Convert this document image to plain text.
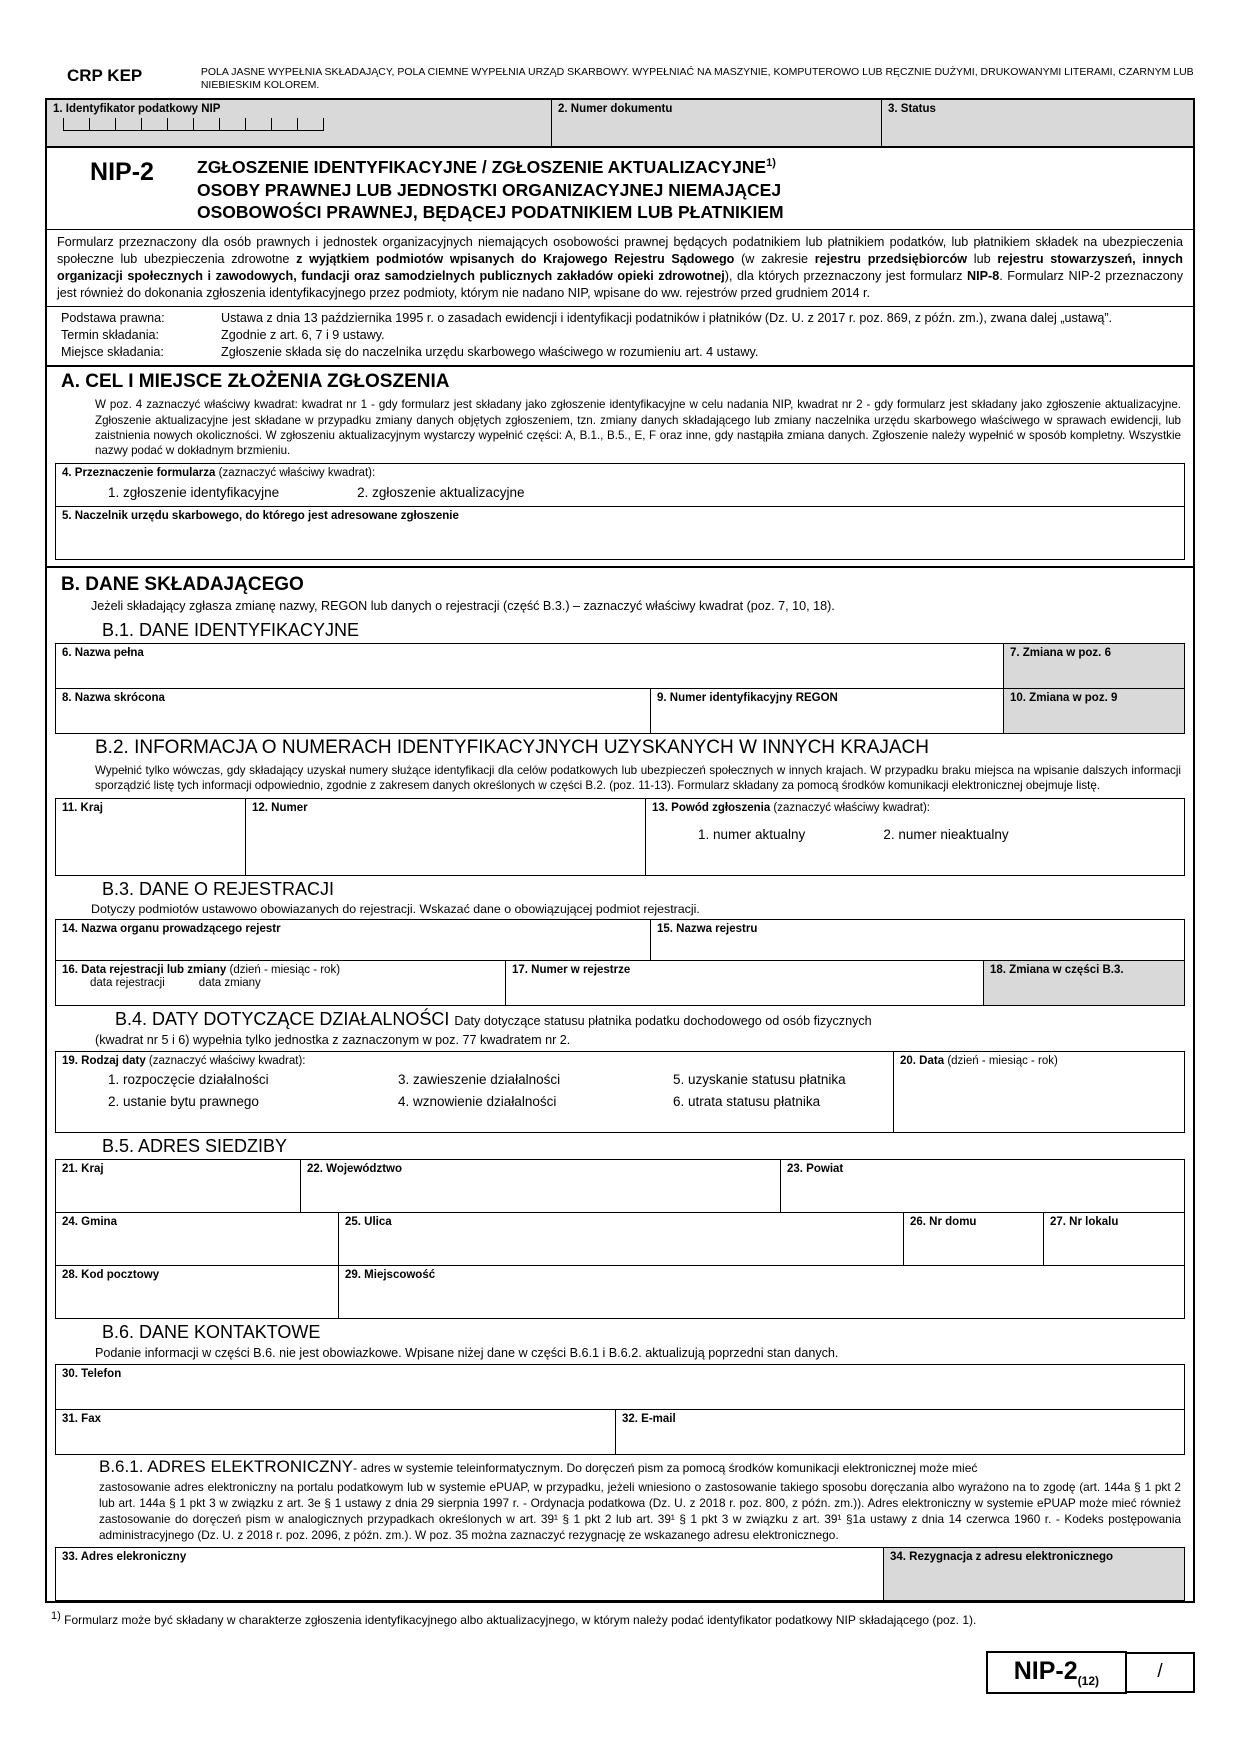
CRP KEP	POLA JASNE WYPEŁNIA SKŁADAJĄCY, POLA CIEMNE WYPEŁNIA URZĄD SKARBOWY. WYPEŁNIAĆ NA MASZYNIE, KOMPUTEROWO LUB RĘCZNIE DUŻYMI, DRUKOWANYMI LITERAMI, CZARNYM LUB NIEBIESKIM KOLOREM.
1. Identyfikator podatkowy NIP	2. Numer dokumentu	3. Status
NIP-2	ZGŁOSZENIE IDENTYFIKACYJNE / ZGŁOSZENIE AKTUALIZACYJNE$^{1)}$
OSOBY PRAWNEJ LUB JEDNOSTKI ORGANIZACYJNEJ NIEMAJĄCEJ
OSOBOWOŚCI PRAWNEJ, BĘDĄCEJ PODATNIKIEM LUB PŁATNIKIEM
Formularz przeznaczony dla osób prawnych i jednostek organizacyjnych niemających osobowości prawnej będących podatnikiem lub płatnikiem podatków, lub płatnikiem składek na ubezpieczenia społeczne lub ubezpieczenia zdrowotne z wyjątkiem podmiotów wpisanych do Krajowego Rejestru Sądowego (w zakresie rejestru przedsiębiorców lub rejestru stowarzyszeń, innych organizacji społecznych i zawodowych, fundacji oraz samodzielnych publicznych zakładów opieki zdrowotnej), dla których przeznaczony jest formularz NIP-8. Formularz NIP-2 przeznaczony jest również do dokonania zgłoszenia identyfikacyjnego przez podmioty, którym nie nadano NIP, wpisane do ww. rejestrów przed grudniem 2014 r.
Podstawa prawna:	Ustawa z dnia 13 października 1995 r. o zasadach ewidencji i identyfikacji podatników i płatników (Dz. U. z 2017 r. poz. 869, z późn. zm.), zwana dalej „ustawą”.
Termin składania:	Zgodnie z art. 6, 7 i 9 ustawy.
Miejsce składania:	Zgłoszenie składa się do naczelnika urzędu skarbowego właściwego w rozumieniu art. 4 ustawy.
A. CEL I MIEJSCE ZŁOŻENIA ZGŁOSZENIA
W poz. 4 zaznaczyć właściwy kwadrat: kwadrat nr 1 - gdy formularz jest składany jako zgłoszenie identyfikacyjne w celu nadania NIP, kwadrat nr 2 - gdy formularz jest składany jako zgłoszenie aktualizacyjne. Zgłoszenie aktualizacyjne jest składane w przypadku zmiany danych objętych zgłoszeniem, tzn. zmiany danych składającego lub zmiany naczelnika urzędu skarbowego właściwego w sprawach ewidencji, lub zaistnienia nowych okoliczności. W zgłoszeniu aktualizacyjnym wystarczy wypełnić części: A, B.1., B.5., E, F oraz inne, gdy nastąpiła zmiana danych. Zgłoszenie należy wypełnić w sposób kompletny. Wszystkie nazwy podać w dokładnym brzmieniu.
4. Przeznaczenie formularza (zaznaczyć właściwy kwadrat):
1. zgłoszenie identyfikacyjne	2. zgłoszenie aktualizacyjne
5. Naczelnik urzędu skarbowego, do którego jest adresowane zgłoszenie
B. DANE SKŁADAJĄCEGO
Jeżeli składający zgłasza zmianę nazwy, REGON lub danych o rejestracji (część B.3.) – zaznaczyć właściwy kwadrat (poz. 7, 10, 18).
B.1. DANE IDENTYFIKACYJNE
6. Nazwa pełna	7. Zmiana w poz. 6
8. Nazwa skrócona	9. Numer identyfikacyjny REGON	10. Zmiana w poz. 9
B.2. INFORMACJA O NUMERACH IDENTYFIKACYJNYCH UZYSKANYCH W INNYCH KRAJACH
Wypełnić tylko wówczas, gdy składający uzyskał numery służące identyfikacji dla celów podatkowych lub ubezpieczeń społecznych w innych krajach. W przypadku braku miejsca na wpisanie dalszych informacji sporządzić listę tych informacji odpowiednio, zgodnie z zakresem danych określonych w części B.2. (poz. 11-13). Formularz składany za pomocą środków komunikacji elektronicznej obejmuje listę.
11. Kraj	12. Numer	13. Powód zgłoszenia (zaznaczyć właściwy kwadrat):
1. numer aktualny	2. numer nieaktualny
B.3. DANE O REJESTRACJI
Dotyczy podmiotów ustawowo obowiazanych do rejestracji. Wskazać dane o obowiązującej podmiot rejestracji.
14. Nazwa organu prowadzącego rejestr	15. Nazwa rejestru
16. Data rejestracji lub zmiany (dzień - miesiąc - rok)
data rejestracji	data zmiany
17. Numer w rejestrze	18. Zmiana w części B.3.
B.4. DATY DOTYCZĄCE DZIAŁALNOŚCI Daty dotyczące statusu płatnika podatku dochodowego od osób fizycznych
(kwadrat nr 5 i 6) wypełnia tylko jednostka z zaznaczonym w poz. 77 kwadratem nr 2.
19. Rodzaj daty (zaznaczyć właściwy kwadrat):
1. rozpoczęcie działalności	3. zawieszenie działalności	5. uzyskanie statusu płatnika
2. ustanie bytu prawnego	4. wznowienie działalności	6. utrata statusu płatnika
20. Data (dzień - miesiąc - rok)
B.5. ADRES SIEDZIBY
21. Kraj	22. Województwo	23. Powiat
24. Gmina	25. Ulica	26. Nr domu	27. Nr lokalu
28. Kod pocztowy	29. Miejscowość
B.6. DANE KONTAKTOWE
Podanie informacji w części B.6. nie jest obowiazkowe. Wpisane niżej dane w części B.6.1 i B.6.2. aktualizują poprzedni stan danych.
30. Telefon
31. Fax	32. E-mail
B.6.1. ADRES ELEKTRONICZNY- adres w systemie teleinformatycznym. Do doręczeń pism za pomocą środków komunikacji elektronicznej może mieć
zastosowanie adres elektroniczny na portalu podatkowym lub w systemie ePUAP, w przypadku, jeżeli wniesiono o zastosowanie takiego sposobu doręczania albo wyrażono na to zgodę (art. 144a § 1 pkt 2 lub art. 144a § 1 pkt 3 w związku z art. 3e § 1 ustawy z dnia 29 sierpnia 1997 r. - Ordynacja podatkowa (Dz. U. z 2018 r. poz. 800, z późn. zm.)). Adres elektroniczny w systemie ePUAP może mieć również zastosowanie do doręczeń pism w analogicznych przypadkach określonych w art. 39¹ § 1 pkt 2 lub art. 39¹ § 1 pkt 3 w związku z art. 39¹ §1a ustawy z dnia 14 czerwca 1960 r. - Kodeks postępowania administracyjnego (Dz. U. z 2018 r. poz. 2096, z późn. zm.). W poz. 35 można zaznaczyć rezygnację ze wskazanego adresu elektronicznego.
33. Adres elekroniczny	34. Rezygnacja z adresu elektronicznego
1) Formularz może być składany w charakterze zgłoszenia identyfikacyjnego albo aktualizacyjnego, w którym należy podać identyfikator podatkowy NIP składającego (poz. 1).
NIP-$2_{(12)}$	/
